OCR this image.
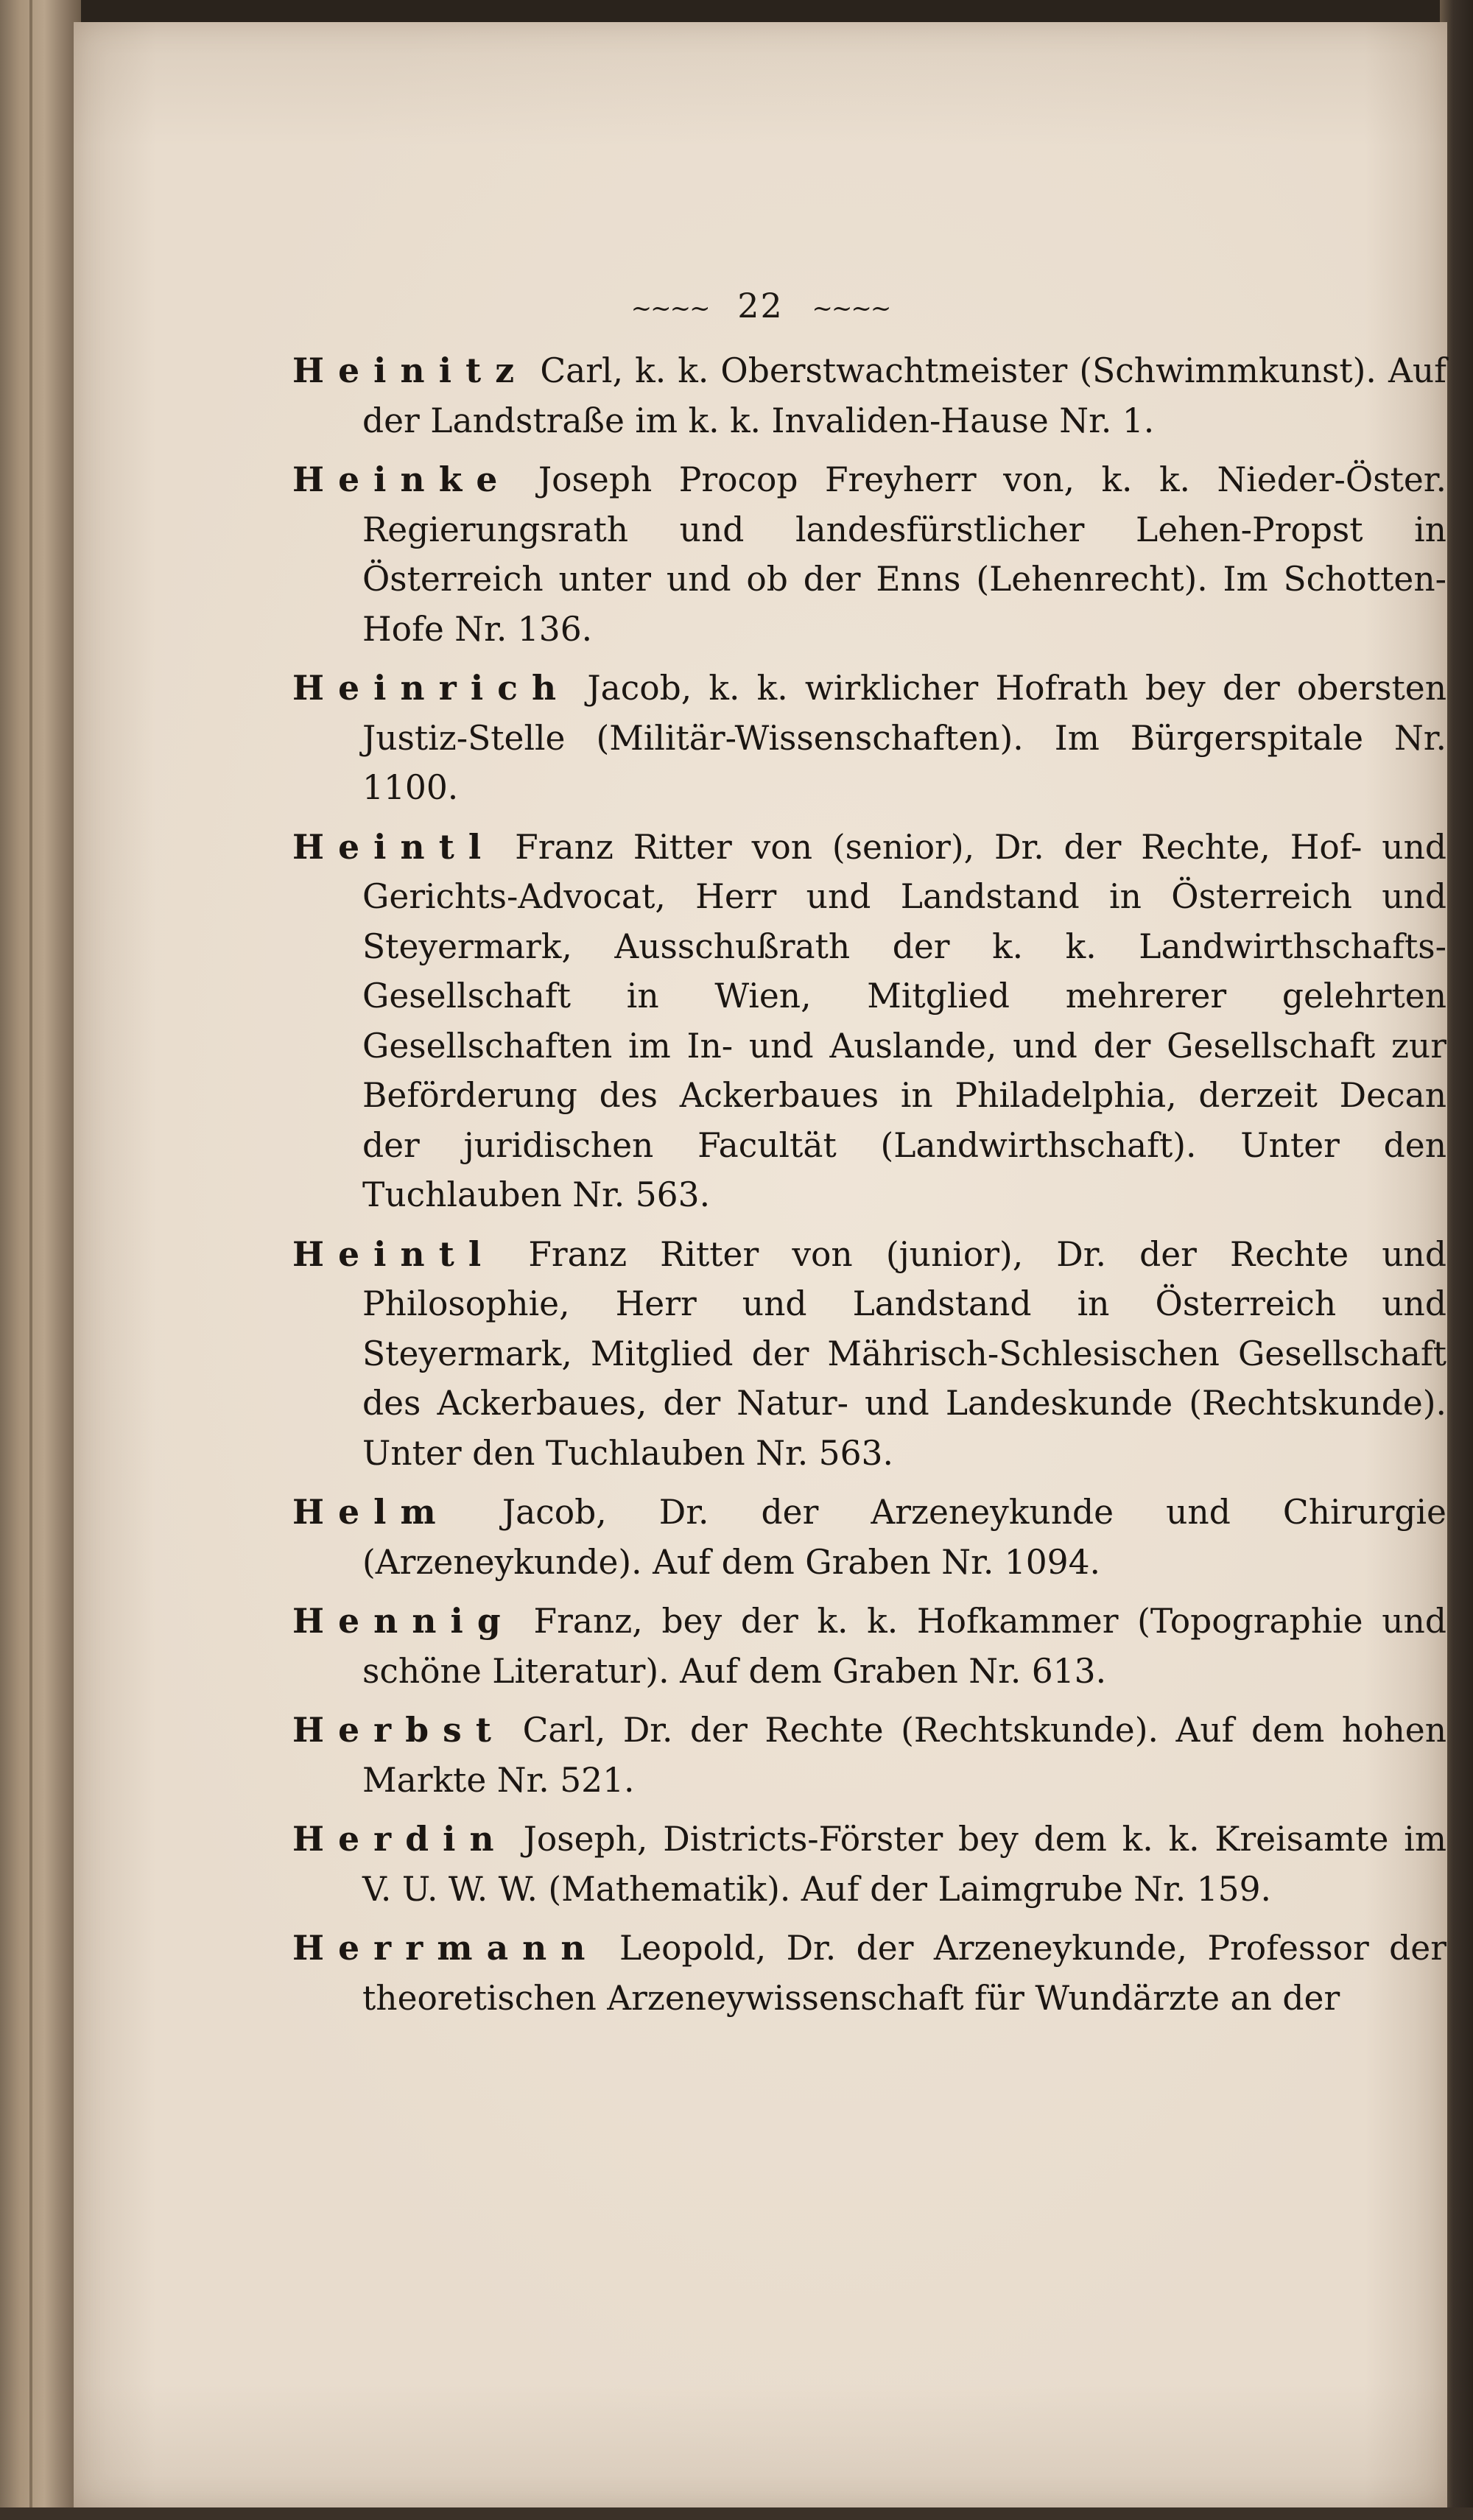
~~~~ 22 ~~~~

Heinitz Carl, k. k. Oberstwachtmeister (Schwimmkunst). Auf der Landstraße im k. k. Invaliden-Hause Nr. 1.

Heinke Joseph Procop Freyherr von, k. k. Nieder-Öster. Regierungsrath und landesfürstlicher Lehen-Propst in Österreich unter und ob der Enns (Lehenrecht). Im Schotten-Hofe Nr. 136.

Heinrich Jacob, k. k. wirklicher Hofrath bey der obersten Justiz-Stelle (Militär-Wissenschaften). Im Bürgerspitale Nr. 1100.

Heintl Franz Ritter von (senior), Dr. der Rechte, Hof- und Gerichts-Advocat, Herr und Landstand in Österreich und Steyermark, Ausschußrath der k. k. Landwirthschafts-Gesellschaft in Wien, Mitglied mehrerer gelehrten Gesellschaften im In- und Auslande, und der Gesellschaft zur Beförderung des Ackerbaues in Philadelphia, derzeit Decan der juridischen Facultät (Landwirthschaft). Unter den Tuchlauben Nr. 563.

Heintl Franz Ritter von (junior), Dr. der Rechte und Philosophie, Herr und Landstand in Österreich und Steyermark, Mitglied der Mährisch-Schlesischen Gesellschaft des Ackerbaues, der Natur- und Landeskunde (Rechtskunde). Unter den Tuchlauben Nr. 563.

Helm Jacob, Dr. der Arzeneykunde und Chirurgie (Arzeneykunde). Auf dem Graben Nr. 1094.

Hennig Franz, bey der k. k. Hofkammer (Topographie und schöne Literatur). Auf dem Graben Nr. 613.

Herbst Carl, Dr. der Rechte (Rechtskunde). Auf dem hohen Markte Nr. 521.

Herdin Joseph, Districts-Förster bey dem k. k. Kreisamte im V. U. W. W. (Mathematik). Auf der Laimgrube Nr. 159.

Herrmann Leopold, Dr. der Arzeneykunde, Professor der theoretischen Arzeneywissenschaft für Wundärzte an der
